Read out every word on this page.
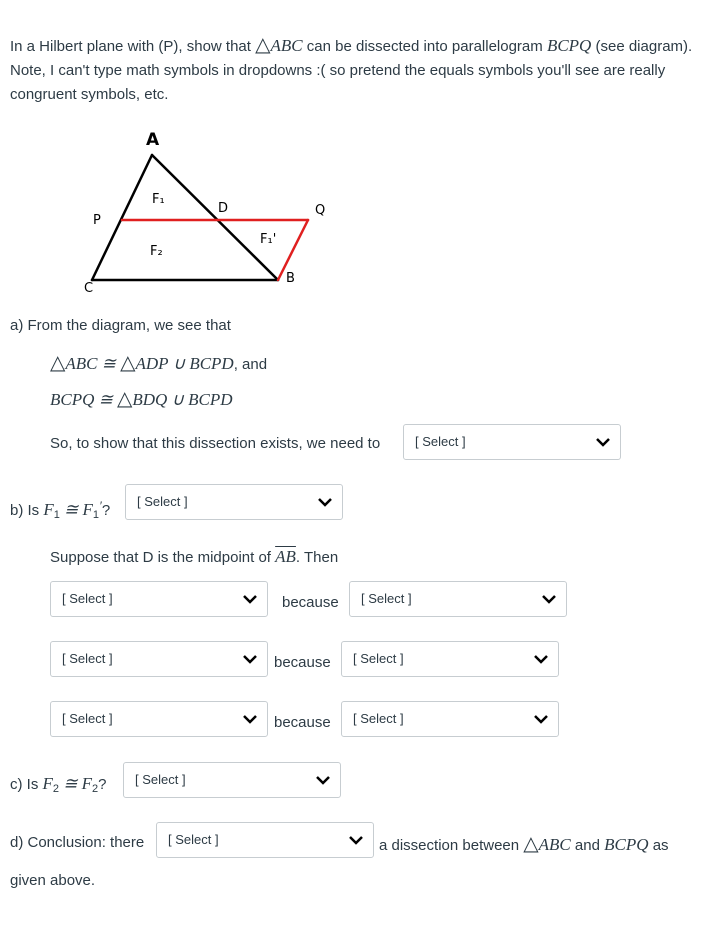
In a Hilbert plane with (P), show that △ABC can be dissected into parallelogram BCPQ (see diagram). Note, I can't type math symbols in dropdowns :( so pretend the equals symbols you'll see are really congruent symbols, etc.
A
F₁
D
P
Q
F₂
F₁'
C
B
a) From the diagram, we see that
△ABC ≅ △ADP ∪ BCPD, and
BCPQ ≅ △BDQ ∪ BCPD
So, to show that this dissection exists, we need to	[ Select ]
b) Is $F_1$ ≅ $F_1'$?
[ Select ]
Suppose that D is the midpoint of $\overline{AB}$. Then
[ Select ]	because [ Select ]
[ Select ]	because [ Select ]
[ Select ]	because [ Select ]
c) Is $F_2$ ≅ $F_2$? [ Select ]
d) Conclusion: there [ Select ]	a dissection between △ABC and BCPQ as
given above.
